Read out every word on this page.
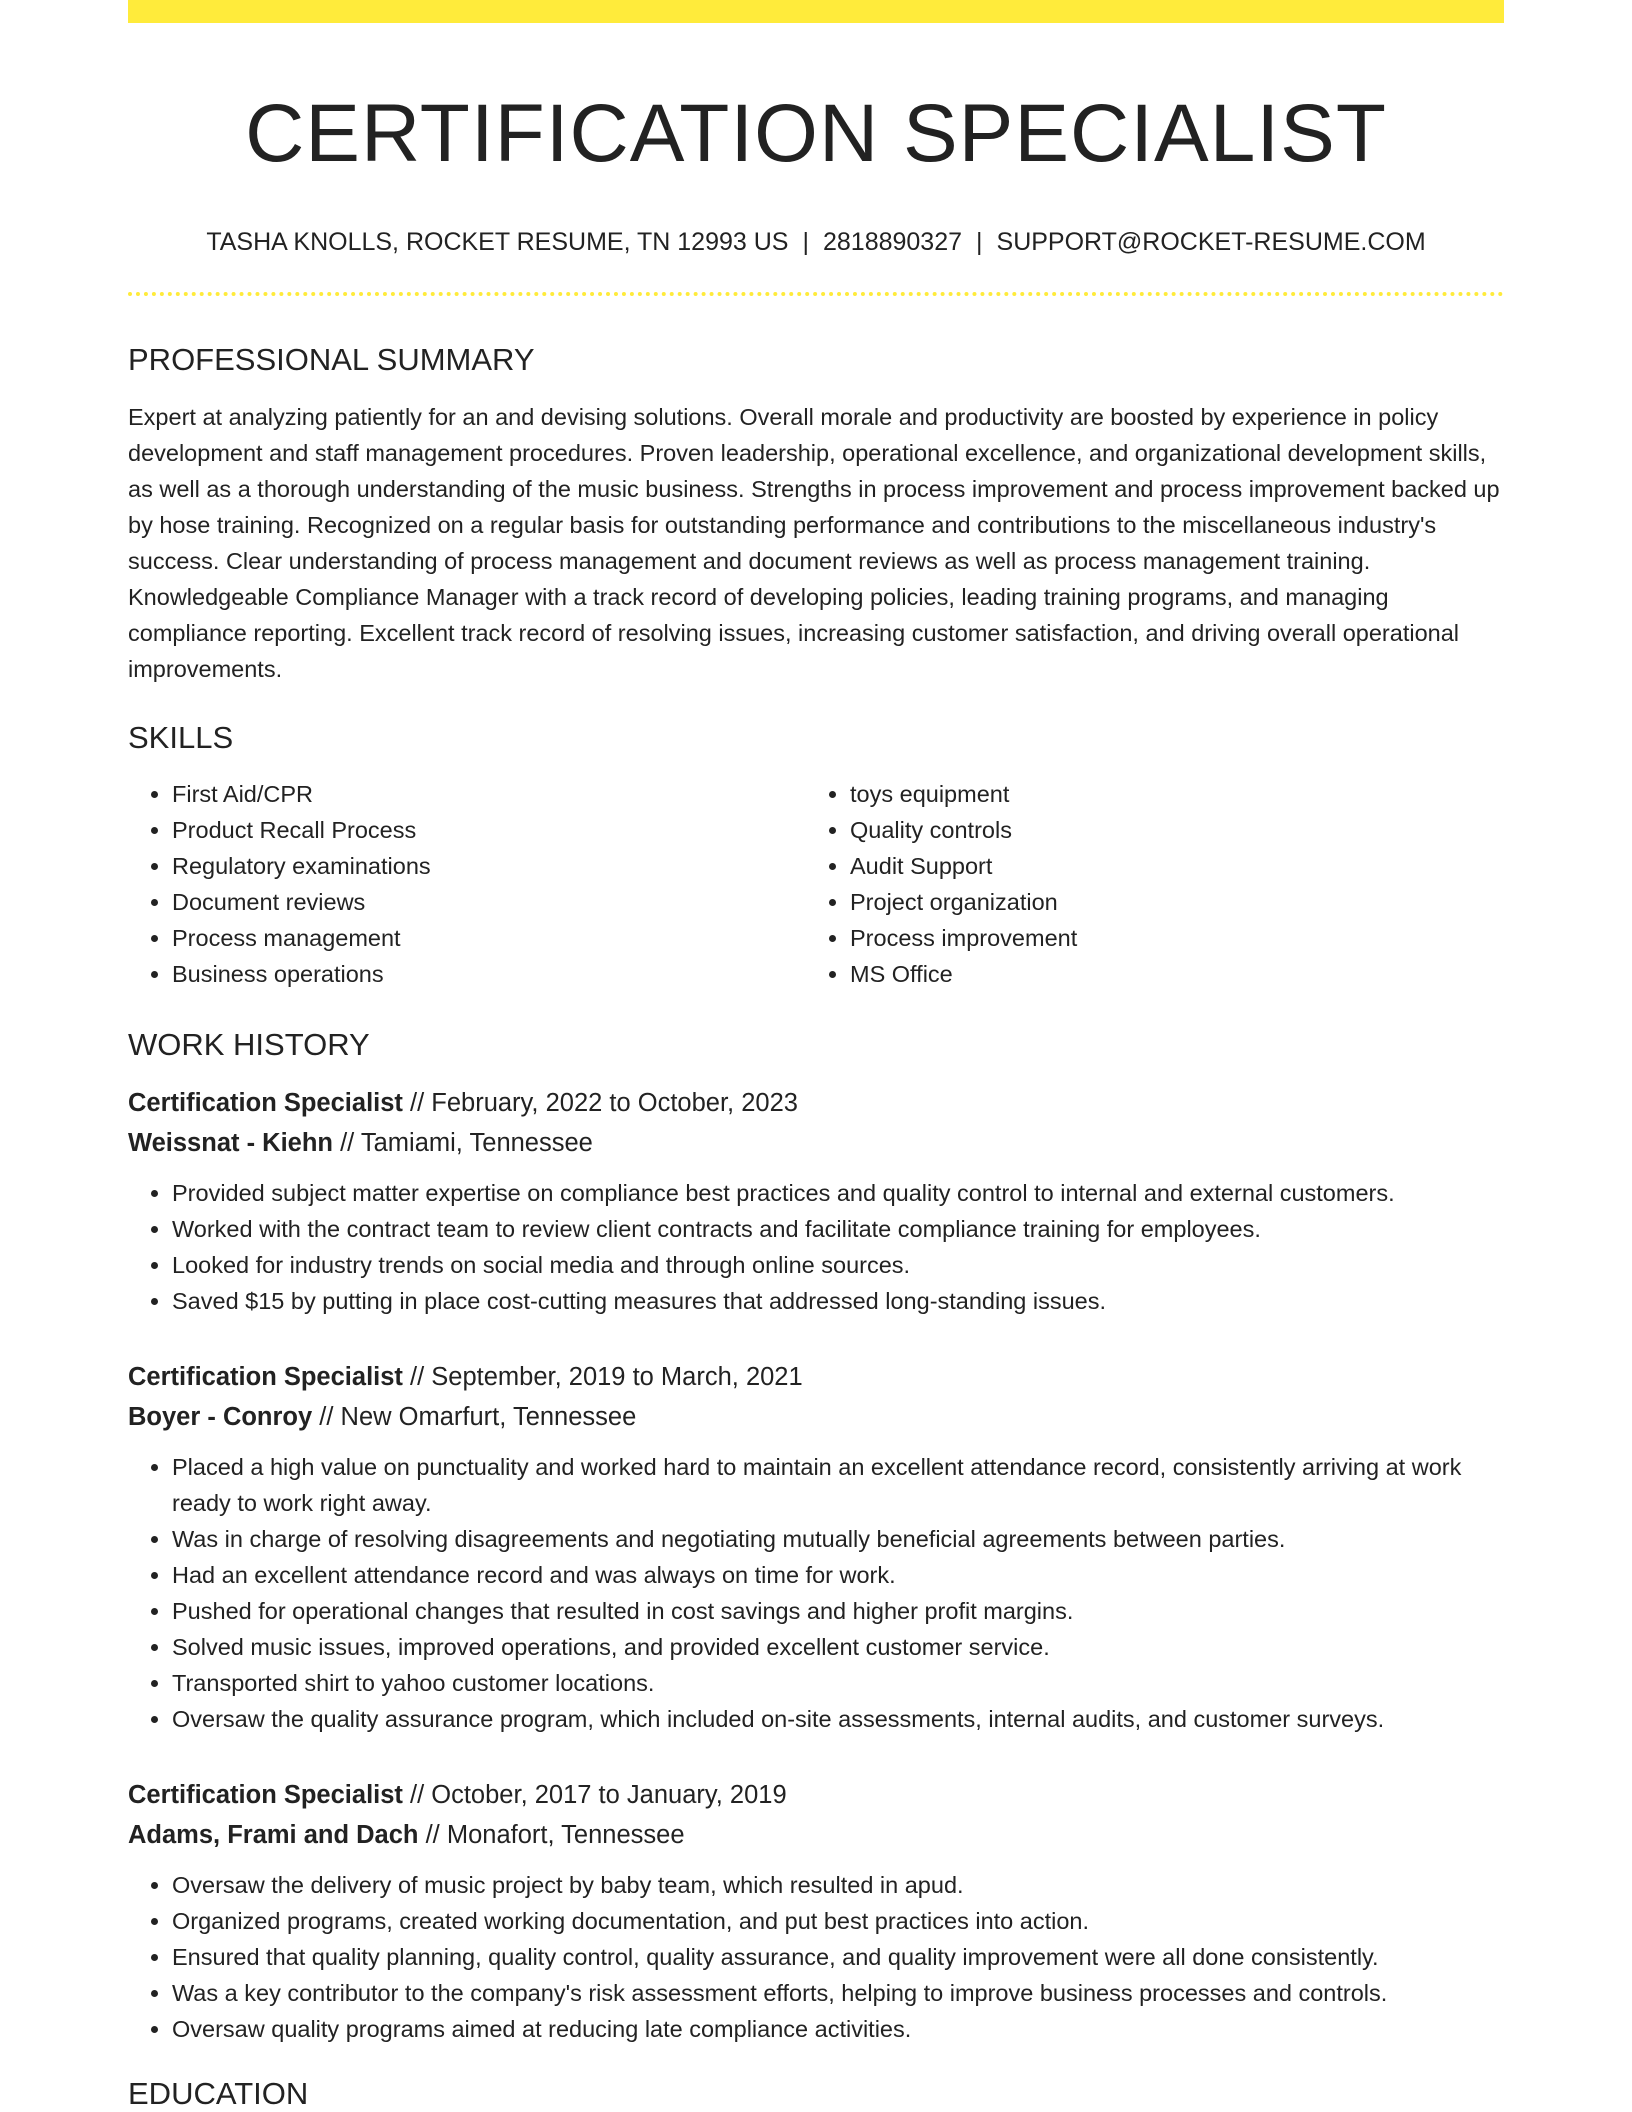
CERTIFICATION SPECIALIST
TASHA KNOLLS, ROCKET RESUME, TN 12993 US | 2818890327 | SUPPORT@ROCKET-RESUME.COM
PROFESSIONAL SUMMARY

Expert at analyzing patiently for an and devising solutions. Overall morale and productivity are boosted by experience in policy development and staff management procedures. Proven leadership, operational excellence, and organizational development skills, as well as a thorough understanding of the music business. Strengths in process improvement and process improvement backed up by hose training. Recognized on a regular basis for outstanding performance and contributions to the miscellaneous industry's success. Clear understanding of process management and document reviews as well as process management training. Knowledgeable Compliance Manager with a track record of developing policies, leading training programs, and managing compliance reporting. Excellent track record of resolving issues, increasing customer satisfaction, and driving overall operational improvements.

SKILLS
• First Aid/CPR
• Product Recall Process
• Regulatory examinations
• Document reviews
• Process management
• Business operations
• toys equipment
• Quality controls
• Audit Support
• Project organization
• Process improvement
• MS Office
WORK HISTORY
Certification Specialist // February, 2022 to October, 2023
Weissnat - Kiehn // Tamiami, Tennessee
• Provided subject matter expertise on compliance best practices and quality control to internal and external customers.
• Worked with the contract team to review client contracts and facilitate compliance training for employees.
• Looked for industry trends on social media and through online sources.
• Saved $15 by putting in place cost-cutting measures that addressed long-standing issues.
Certification Specialist // September, 2019 to March, 2021
Boyer - Conroy // New Omarfurt, Tennessee
• Placed a high value on punctuality and worked hard to maintain an excellent attendance record, consistently arriving at work ready to work right away.
• Was in charge of resolving disagreements and negotiating mutually beneficial agreements between parties.
• Had an excellent attendance record and was always on time for work.
• Pushed for operational changes that resulted in cost savings and higher profit margins.
• Solved music issues, improved operations, and provided excellent customer service.
• Transported shirt to yahoo customer locations.
• Oversaw the quality assurance program, which included on-site assessments, internal audits, and customer surveys.
Certification Specialist // October, 2017 to January, 2019
Adams, Frami and Dach // Monafort, Tennessee
• Oversaw the delivery of music project by baby team, which resulted in apud.
• Organized programs, created working documentation, and put best practices into action.
• Ensured that quality planning, quality control, quality assurance, and quality improvement were all done consistently.
• Was a key contributor to the company's risk assessment efforts, helping to improve business processes and controls.
• Oversaw quality programs aimed at reducing late compliance activities.
EDUCATION
